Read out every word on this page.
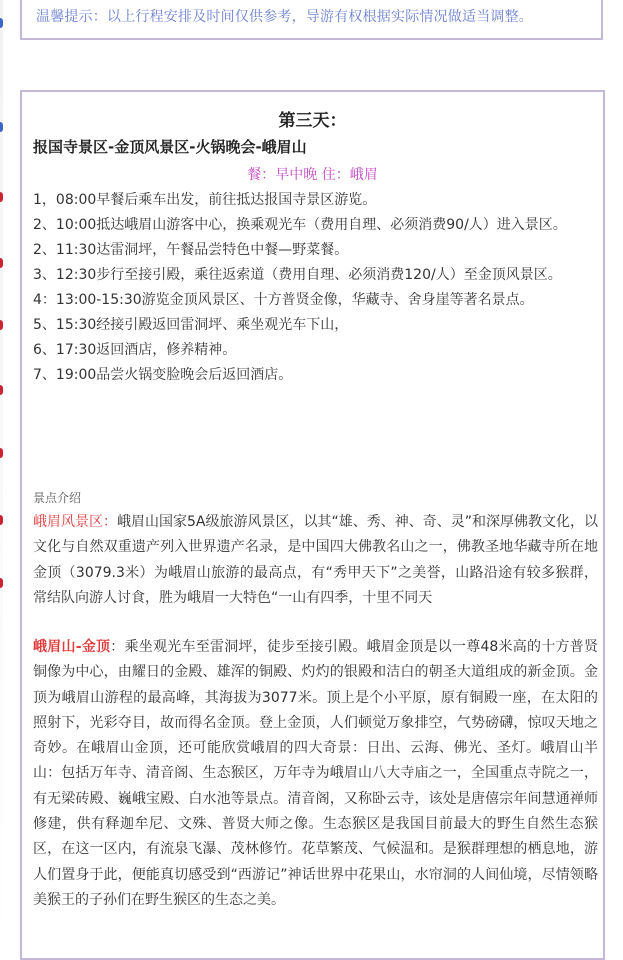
温馨提示：以上行程安排及时间仅供参考，导游有权根据实际情况做适当调整。
第三天：
报国寺景区-金顶风景区-火锅晚会-峨眉山
餐：早中晚 住：峨眉
1，08:00早餐后乘车出发，前往抵达报国寺景区游览。
2、10:00抵达峨眉山游客中心，换乘观光车（费用自理、必须消费90/人）进入景区。
2、11:30达雷洞坪，午餐品尝特色中餐—野菜餐。
3、12:30步行至接引殿，乘往返索道（费用自理、必须消费120/人）至金顶风景区。
4：13:00-15:30游览金顶风景区、十方普贤金像，华藏寺、舍身崖等著名景点。
5、15:30经接引殿返回雷洞坪、乘坐观光车下山，
6、17:30返回酒店，修养精神。
7、19:00品尝火锅变脸晚会后返回酒店。
景点介绍
峨眉风景区：峨眉山国家5A级旅游风景区，以其“雄、秀、神、奇、灵”和深厚佛教文化，以文化与自然双重遗产列入世界遗产名录，是中国四大佛教名山之一，佛教圣地华藏寺所在地金顶（3079.3米）为峨眉山旅游的最高点，有“秀甲天下”之美誉，山路沿途有较多猴群，常结队向游人讨食，胜为峨眉一大特色“一山有四季，十里不同天
峨眉山-金顶：乘坐观光车至雷洞坪，徒步至接引殿。峨眉金顶是以一尊48米高的十方普贤铜像为中心，由耀日的金殿、雄浑的铜殿、灼灼的银殿和洁白的朝圣大道组成的新金顶。金顶为峨眉山游程的最高峰，其海拔为3077米。顶上是个小平原，原有铜殿一座，在太阳的照射下，光彩夺目，故而得名金顶。登上金顶，人们顿觉万象排空，气势磅礴，惊叹天地之奇妙。在峨眉山金顶，还可能欣赏峨眉的四大奇景：日出、云海、佛光、圣灯。峨眉山半山：包括万年寺、清音阁、生态猴区，万年寺为峨眉山八大寺庙之一，全国重点寺院之一，有无梁砖殿、巍峨宝殿、白水池等景点。清音阁，又称卧云寺，该处是唐僖宗年间慧通禅师修建，供有释迦牟尼、文殊、普贤大师之像。生态猴区是我国目前最大的野生自然生态猴区，在这一区内，有流泉飞瀑、茂林修竹。花草繁茂、气候温和。是猴群理想的栖息地，游人们置身于此，便能真切感受到“西游记”神话世界中花果山，水帘洞的人间仙境，尽情领略美猴王的子孙们在野生猴区的生态之美。
